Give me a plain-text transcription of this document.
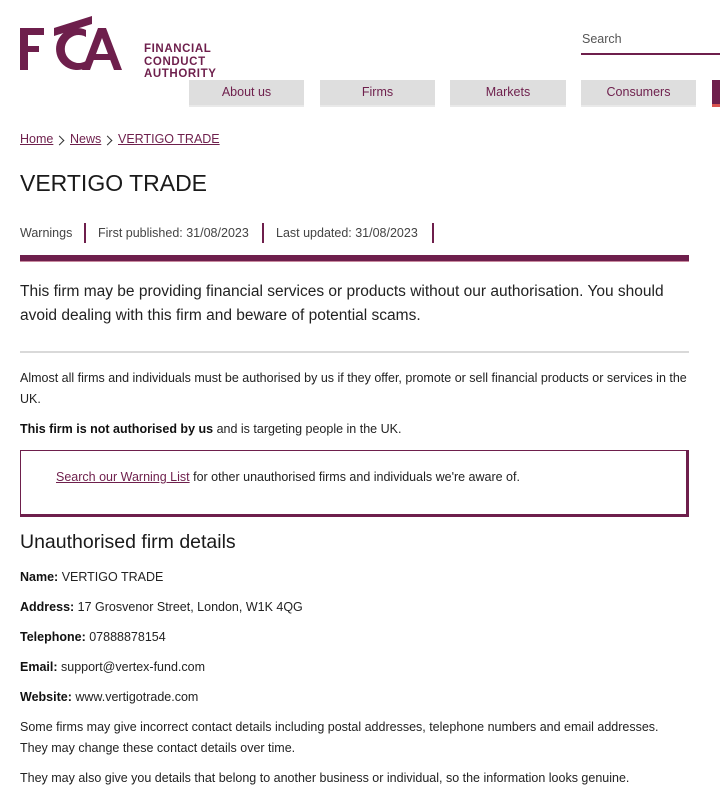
FINANCIAL
CONDUCT
AUTHORITY
Search
About us	Firms	Markets	Consumers
Home News VERTIGO TRADE
VERTIGO TRADE
Warnings First published: 31/08/2023 Last updated: 31/08/2023

This firm may be providing financial services or products without our authorisation. You should avoid dealing with this firm and beware of potential scams.

Almost all firms and individuals must be authorised by us if they offer, promote or sell financial products or services in the UK.

This firm is not authorised by us and is targeting people in the UK.

Search our Warning List for other unauthorised firms and individuals we're aware of.
Unauthorised firm details
Name: VERTIGO TRADE
Address: 17 Grosvenor Street, London, W1K 4QG
Telephone: 07888878154
Email: support@vertex-fund.com
Website: www.vertigotrade.com

Some firms may give incorrect contact details including postal addresses, telephone numbers and email addresses. They may change these contact details over time.

They may also give you details that belong to another business or individual, so the information looks genuine.
